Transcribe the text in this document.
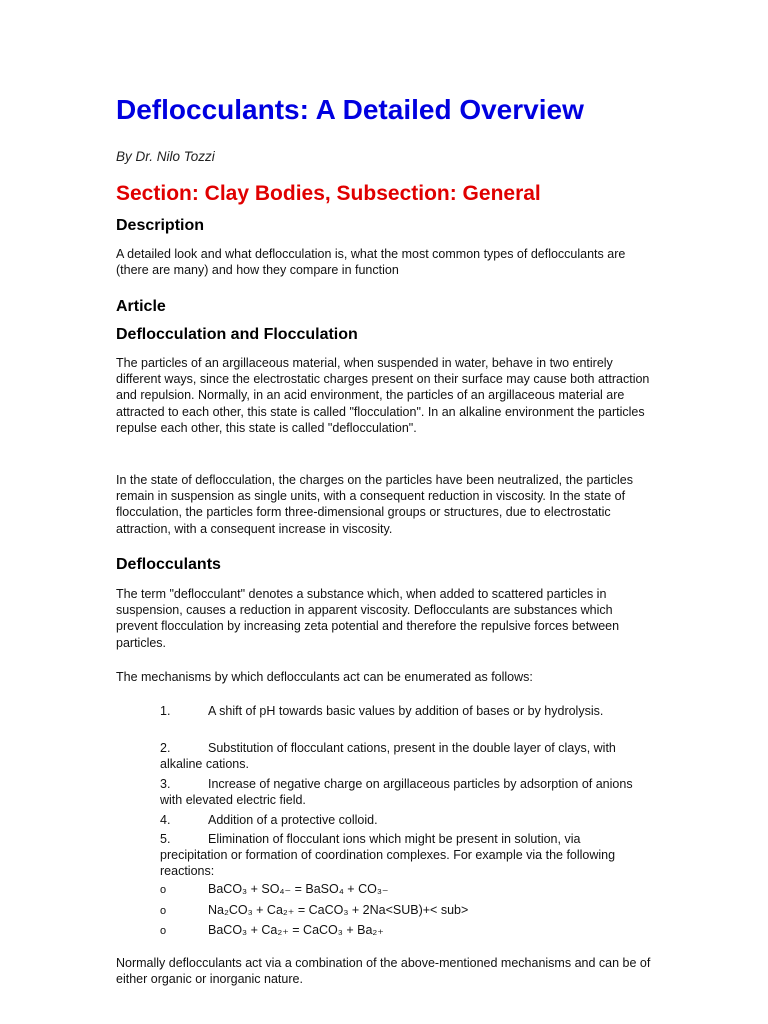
Deflocculants: A Detailed Overview

By Dr. Nilo Tozzi

Section: Clay Bodies, Subsection: General
Description

A detailed look and what deflocculation is, what the most common types of deflocculants are (there are many) and how they compare in function

Article
Deflocculation and Flocculation

The particles of an argillaceous material, when suspended in water, behave in two entirely different ways, since the electrostatic charges present on their surface may cause both attraction and repulsion. Normally, in an acid environment, the particles of an argillaceous material are attracted to each other, this state is called "flocculation". In an alkaline environment the particles repulse each other, this state is called "deflocculation".

In the state of deflocculation, the charges on the particles have been neutralized, the particles remain in suspension as single units, with a consequent reduction in viscosity. In the state of flocculation, the particles form three-dimensional groups or structures, due to electrostatic attraction, with a consequent increase in viscosity.

Deflocculants

The term "deflocculant" denotes a substance which, when added to scattered particles in suspension, causes a reduction in apparent viscosity. Deflocculants are substances which prevent flocculation by increasing zeta potential and therefore the repulsive forces between particles.

The mechanisms by which deflocculants act can be enumerated as follows:

1.	A shift of pH towards basic values by addition of bases or by hydrolysis.
2.	Substitution of flocculant cations, present in the double layer of clays, with alkaline cations.
3.	Increase of negative charge on argillaceous particles by adsorption of anions with elevated electric field.
4.	Addition of a protective colloid.
5.	Elimination of flocculant ions which might be present in solution, via precipitation or formation of coordination complexes. For example via the following reactions:
o	BaCO₃ + SO₄₋ = BaSO₄ + CO₃₋
o	Na₂CO₃ + Ca₂₊ = CaCO₃ + 2Na<SUB)+< sub>
o	BaCO₃ + Ca₂₊ = CaCO₃ + Ba₂₊

Normally deflocculants act via a combination of the above-mentioned mechanisms and can be of either organic or inorganic nature.
